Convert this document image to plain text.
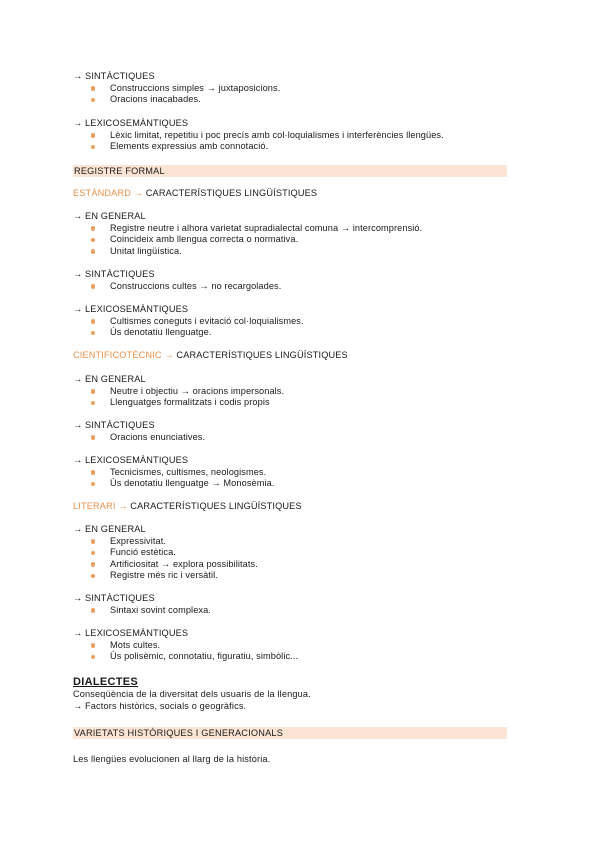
→ SINTÀCTIQUES
Construccions simples → juxtaposicions.
Oracions inacabades.
→ LEXICOSEMÀNTIQUES
Lèxic limitat, repetitiu i poc precís amb col·loquialismes i interferències llengües.
Elements expressius amb connotació.
REGISTRE FORMAL
ESTÀNDARD → CARACTERÍSTIQUES LINGÜÍSTIQUES
→ EN GENERAL
Registre neutre i alhora varietat supradialectal comuna → intercomprensió.
Coincideix amb llengua correcta o normativa.
Unitat lingüística.
→ SINTÀCTIQUES
Construccions cultes → no recargolades.
→ LEXICOSEMÀNTIQUES
Cultismes coneguts i evitació col·loquialismes.
Ús denotatiu llenguatge.
CIENTIFICOTÈCNIC → CARACTERÍSTIQUES LINGÜÍSTIQUES
→ EN GENERAL
Neutre i objectiu → oracions impersonals.
Llenguatges formalitzats i codis propis
→ SINTÀCTIQUES
Oracions enunciatives.
→ LEXICOSEMÀNTIQUES
Tecnicismes, cultismes, neologismes.
Ús denotatiu llenguatge → Monosèmia.
LITERARI → CARACTERÍSTIQUES LINGÜÍSTIQUES
→ EN GENERAL
Expressivitat.
Funció estètica.
Artificiositat → explora possibilitats.
Registre més ric i versàtil.
→ SINTÀCTIQUES
Sintaxi sovint complexa.
→ LEXICOSEMÀNTIQUES
Mots cultes.
Ús polisèmic, connotatiu, figuratiu, simbòlic...
DIALECTES
Conseqüència de la diversitat dels usuaris de la llengua.
→ Factors històrics, socials o geogràfics.
VARIETATS HISTÒRIQUES I GENERACIONALS
Les llengües evolucionen al llarg de la història.
